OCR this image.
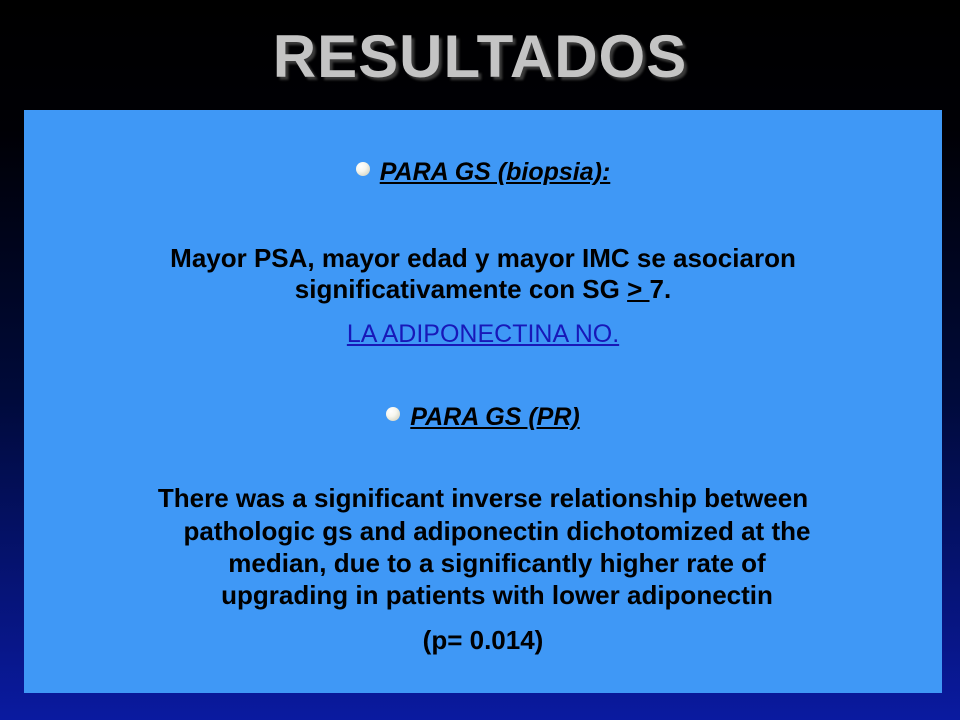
RESULTADOS
PARA GS (biopsia):
Mayor PSA, mayor edad y mayor IMC se asociaron
significativamente con SG > 7.
LA ADIPONECTINA NO.
PARA GS (PR)
There was a significant inverse relationship between
pathologic gs and adiponectin dichotomized at the
median, due to a significantly higher rate of
upgrading in patients with lower adiponectin
(p= 0.014)
